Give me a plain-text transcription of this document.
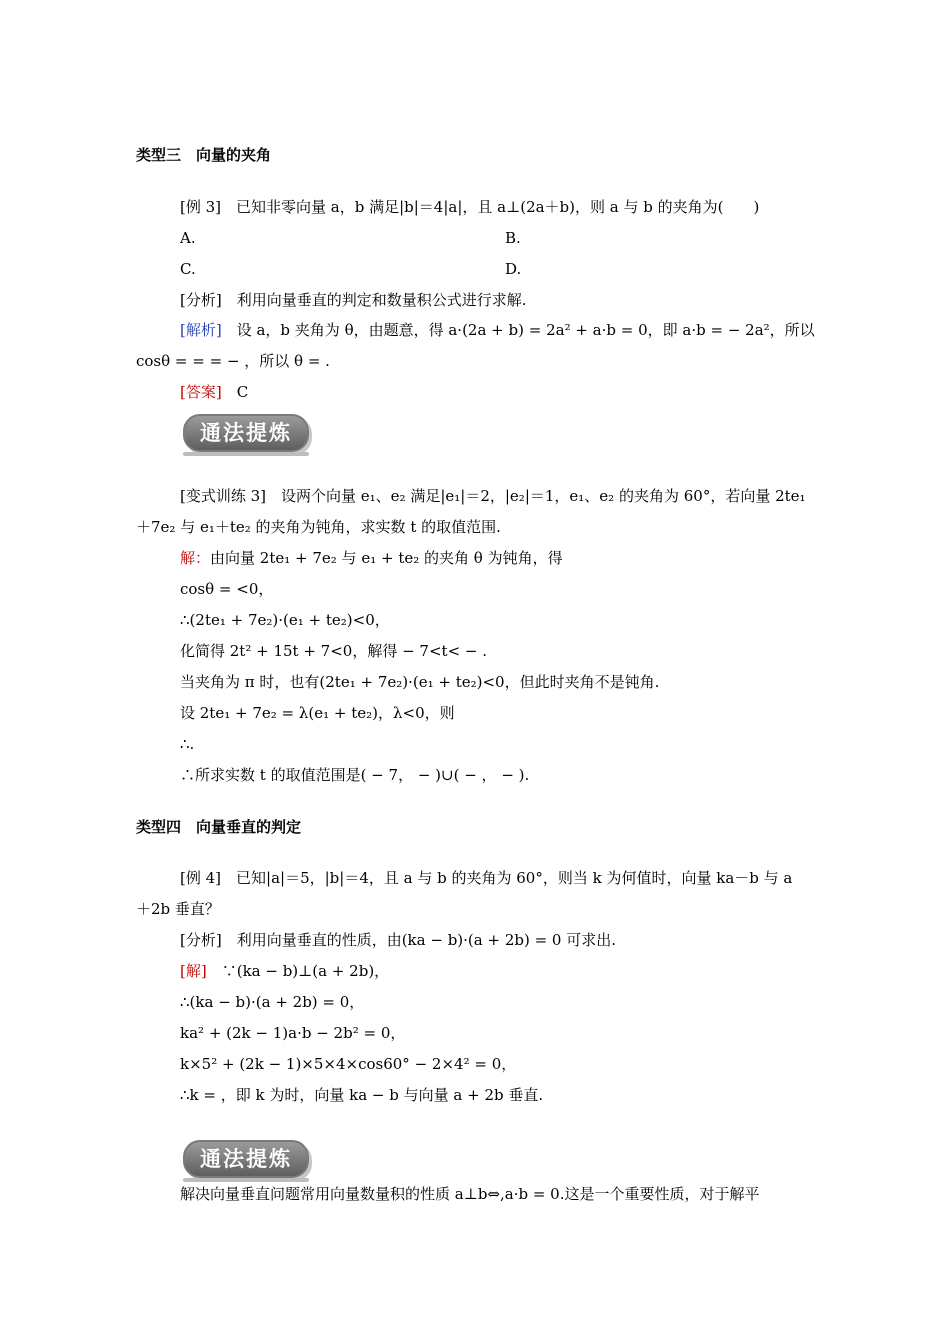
类型三　向量的夹角
[例 3]　已知非零向量 a，b 满足|b|＝4|a|，且 a⊥(2a＋b)，则 a 与 b 的夹角为(　　)
A.	B.
C.	D.
[分析]　利用向量垂直的判定和数量积公式进行求解.
[解析]　设 a，b 夹角为 θ，由题意，得 a·(2a + b) = 2a² + a·b = 0，即 a·b = − 2a²，所以
cosθ = = = − ，所以 θ = .
[答案]　C
通法提炼
[变式训练 3]　设两个向量 e₁、e₂ 满足|e₁|＝2，|e₂|＝1，e₁、e₂ 的夹角为 60°，若向量 2te₁
＋7e₂ 与 e₁＋te₂ 的夹角为钝角，求实数 t 的取值范围.
解：由向量 2te₁ + 7e₂ 与 e₁ + te₂ 的夹角 θ 为钝角，得
cosθ = <0，
∴(2te₁ + 7e₂)·(e₁ + te₂)<0，
化简得 2t² + 15t + 7<0，解得 − 7<t< − .
当夹角为 π 时，也有(2te₁ + 7e₂)·(e₁ + te₂)<0，但此时夹角不是钝角.
设 2te₁ + 7e₂ = λ(e₁ + te₂)，λ<0，则
∴.
∴所求实数 t 的取值范围是( − 7， − )∪( − ， − ).
类型四　向量垂直的判定
[例 4]　已知|a|＝5，|b|＝4，且 a 与 b 的夹角为 60°，则当 k 为何值时，向量 ka－b 与 a
＋2b 垂直？
[分析]　利用向量垂直的性质，由(ka − b)·(a + 2b) = 0 可求出.
[解]　∵(ka − b)⊥(a + 2b)，
∴(ka − b)·(a + 2b) = 0，
ka² + (2k − 1)a·b − 2b² = 0，
k×5² + (2k − 1)×5×4×cos60° − 2×4² = 0，
∴k = ，即 k 为时，向量 ka − b 与向量 a + 2b 垂直.
通法提炼
解决向量垂直问题常用向量数量积的性质 a⊥b⇔,a·b = 0.这是一个重要性质，对于解平
